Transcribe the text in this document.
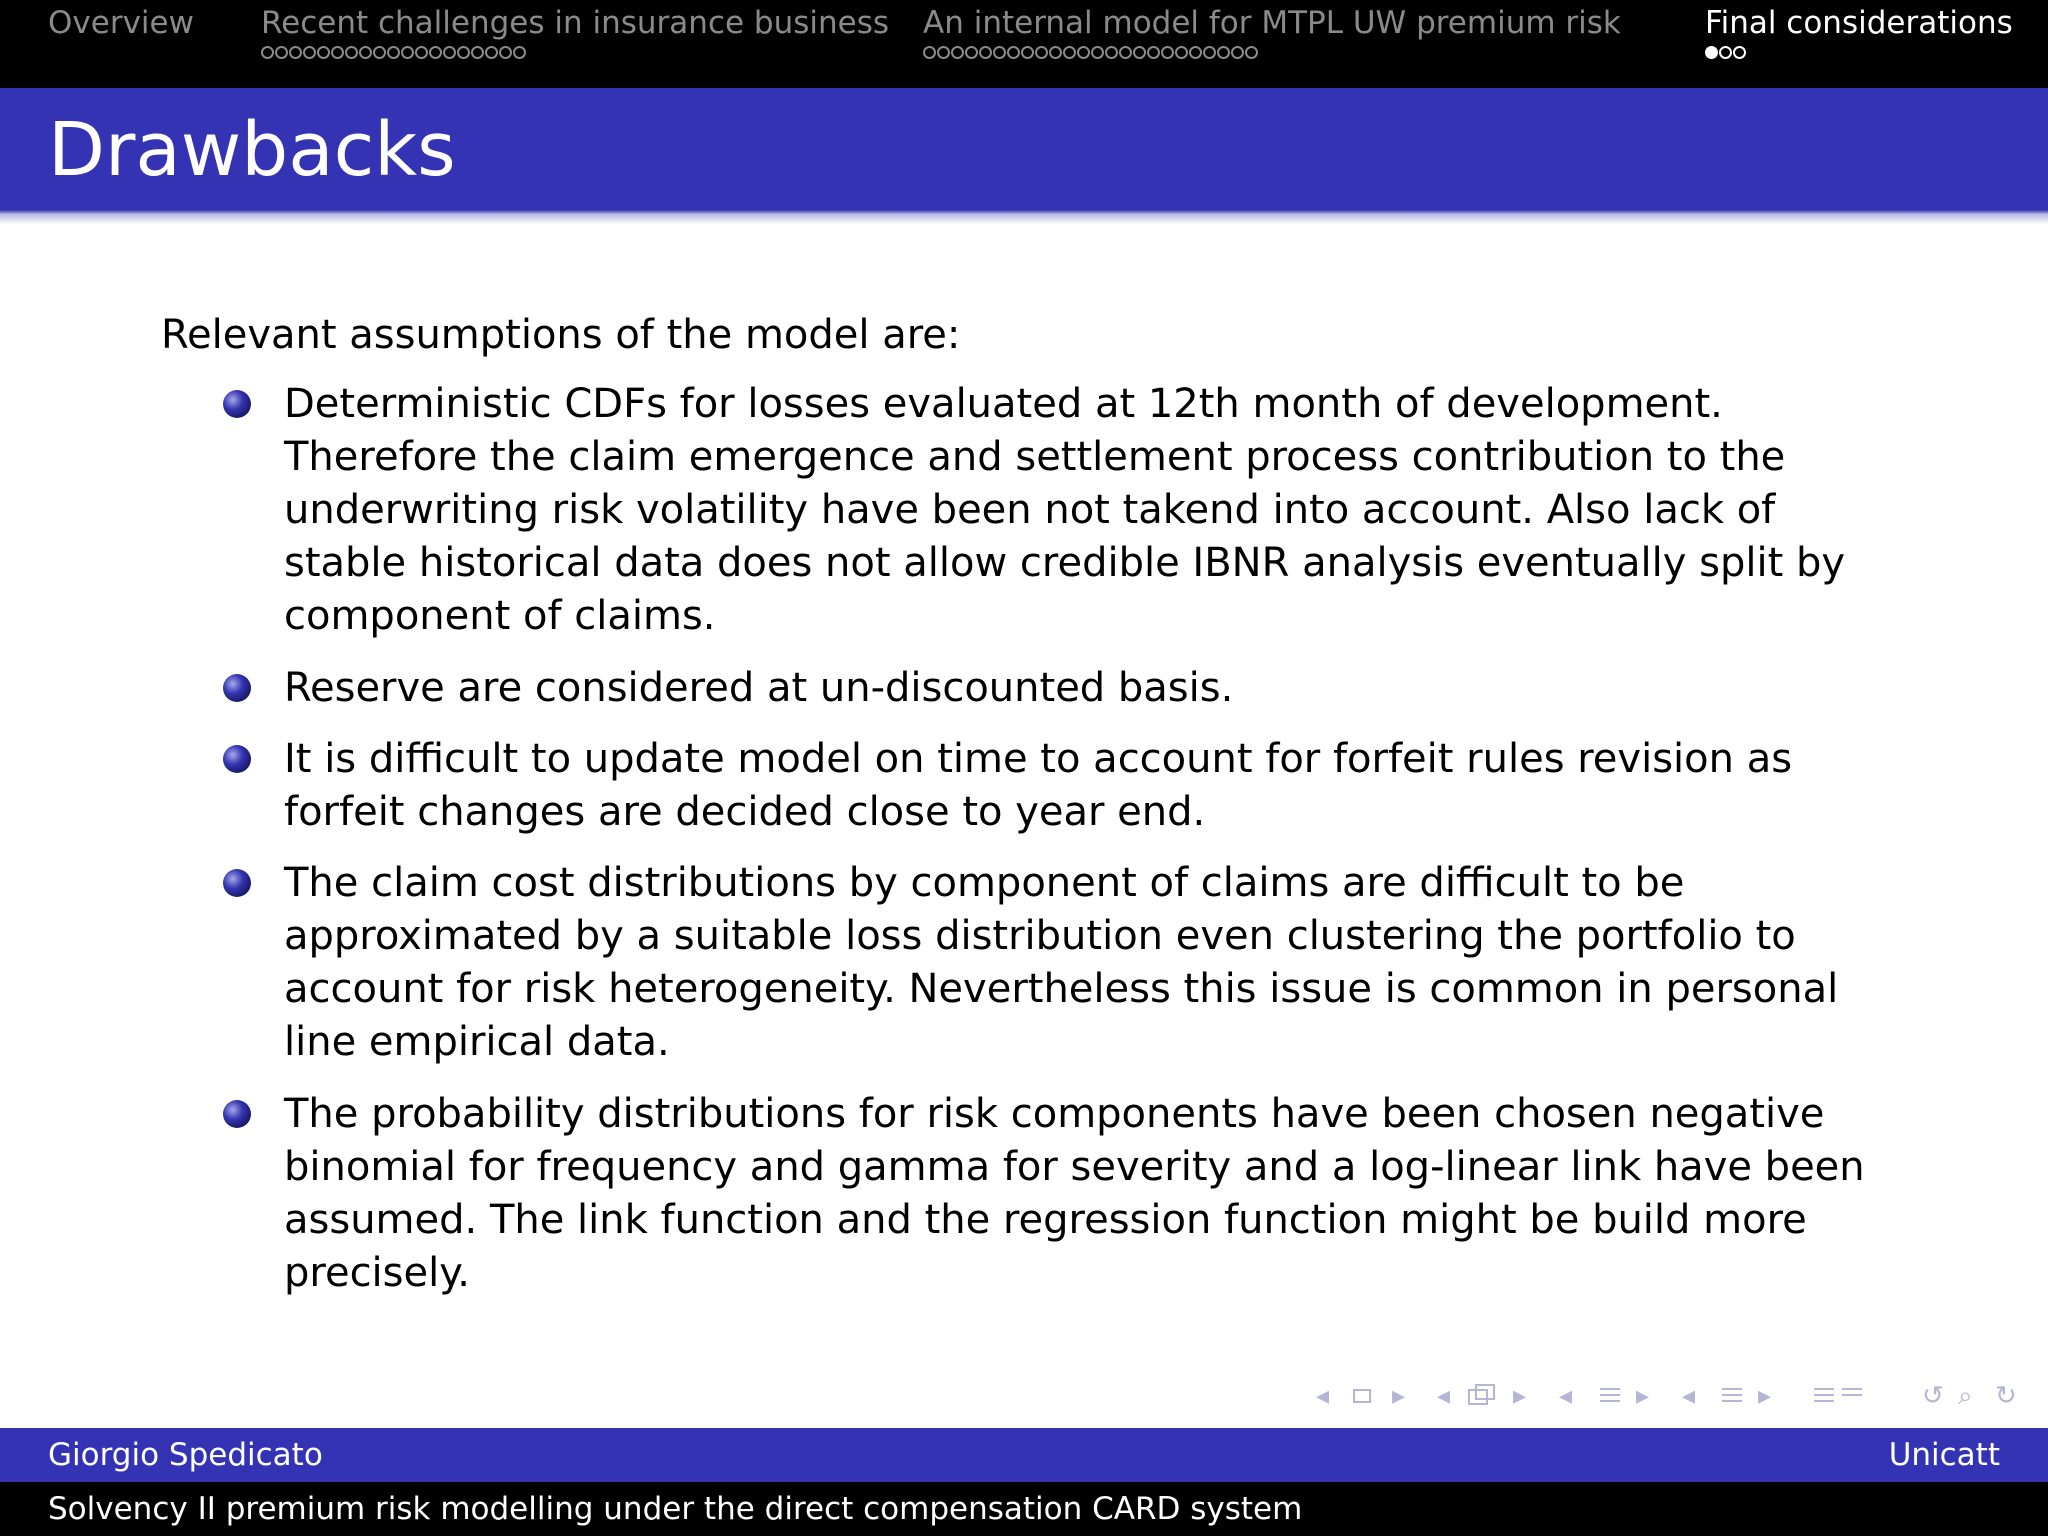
Overview Recent challenges in insurance business An internal model for MTPL UW premium risk	Final considerations
Drawbacks
Relevant assumptions of the model are:
Deterministic CDFs for losses evaluated at 12th month of development.
Therefore the claim emergence and settlement process contribution to the
underwriting risk volatility have been not takend into account. Also lack of
stable historical data does not allow credible IBNR analysis eventually split by
component of claims.
Reserve are considered at un-discounted basis.
It is difficult to update model on time to account for forfeit rules revision as
forfeit changes are decided close to year end.
The claim cost distributions by component of claims are difficult to be
approximated by a suitable loss distribution even clustering the portfolio to
account for risk heterogeneity. Nevertheless this issue is common in personal
line empirical data.
The probability distributions for risk components have been chosen negative
binomial for frequency and gamma for severity and a log-linear link have been
assumed. The link function and the regression function might be build more
precisely.
◂ ▸ ◂ ▸ ◂ ▸ ◂ ▸	↺ ⌕ ↻
Giorgio Spedicato	Unicatt
Solvency II premium risk modelling under the direct compensation CARD system
